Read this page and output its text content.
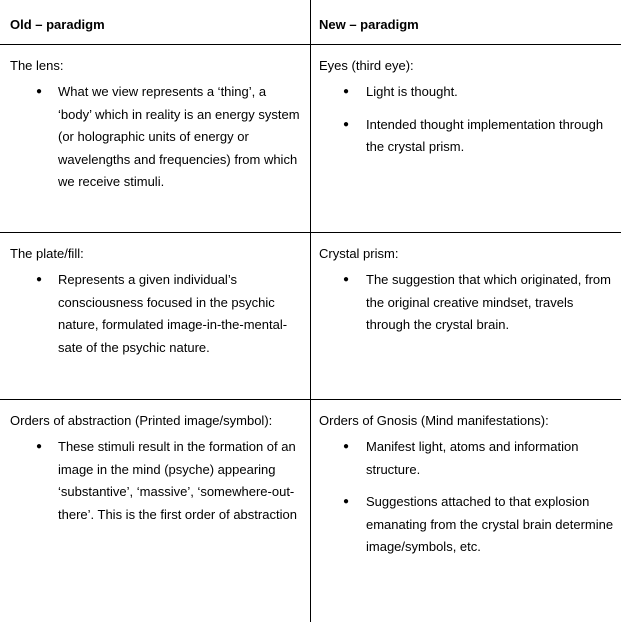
Old – paradigm	New – paradigm
The lens:
● What we view represents a ‘thing’, a ‘body’ which in reality is an energy system (or holographic units of energy or wavelengths and frequencies) from which we receive stimuli.
Eyes (third eye):
● Light is thought.
● Intended thought implementation through the crystal prism.
The plate/fill:
● Represents a given individual’s consciousness focused in the psychic nature, formulated image-in-the-mental-sate of the psychic nature.
Crystal prism:
● The suggestion that which originated, from the original creative mindset, travels through the crystal brain.
Orders of abstraction (Printed image/symbol):
● These stimuli result in the formation of an image in the mind (psyche) appearing ‘substantive’, ‘massive’, ‘somewhere-out-there’. This is the first order of abstraction
Orders of Gnosis (Mind manifestations):
● Manifest light, atoms and information structure.
● Suggestions attached to that explosion emanating from the crystal brain determine image/symbols, etc.
